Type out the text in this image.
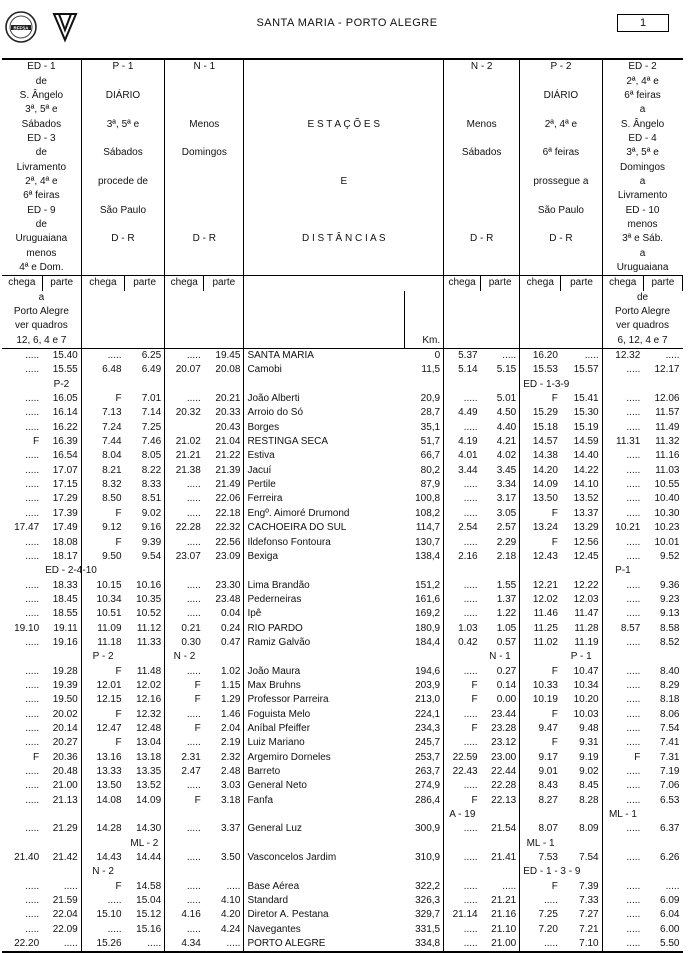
RFFSA	SANTA MARIA - PORTO ALEGRE	1
ED - 1		P - 1		N - 1				N - 2		P - 2		ED - 2	
de												2ª, 4ª e	
S. Ângelo		DIÁRIO								DIÁRIO		6ª feiras	
3ª, 5ª e												a	
Sábados		3ª, 5ª e		Menos		E S T A Ç Õ E S		Menos		2ª, 4ª e		S. Ângelo	
ED - 3												ED - 4	
de		Sábados		Domingos				Sábados		6ª feiras		3ª, 5ª e	
Livramento												Domingos	
2ª, 4ª e		procede de				E				prossegue a		a	
6ª feiras												Livramento	
ED - 9		São Paulo								São Paulo		ED - 10	
de												menos	
Uruguaiana		D - R		D - R		D I S T Â N C I A S		D - R		D - R		3ª e Sáb.	
menos												a	
4ª e Dom.												Uruguaiana	
chega	parte	chega	parte	chega	parte			chega	parte	chega	parte	chega	parte
a												de	
Porto Alegre												Porto Alegre	
ver quadros												ver quadros	
12, 6, 4 e 7							Km.					6, 12, 4 e 7	
.....	15.40	.....	6.25	.....	19.45	SANTA MARIA	0	5.37	.....	16.20	.....	12.32	.....
.....	15.55	6.48	6.49	20.07	20.08	Camobi	11,5	5.14	5.15	15.53	15.57	.....	12.17
	P-2									ED - 1-3-9			
.....	16.05	F	7.01	.....	20.21	João Alberti	20,9	.....	5.01	F	15.41	.....	12.06
.....	16.14	7.13	7.14	20.32	20.33	Arroio do Só	28,7	4.49	4.50	15.29	15.30	.....	11.57
.....	16.22	7.24	7.25		20.43	Borges	35,1	.....	4.40	15.18	15.19	.....	11.49
F	16.39	7.44	7.46	21.02	21.04	RESTINGA SECA	51,7	4.19	4.21	14.57	14.59	11.31	11.32
.....	16.54	8.04	8.05	21.21	21.22	Estiva	66,7	4.01	4.02	14.38	14.40	.....	11.16
.....	17.07	8.21	8.22	21.38	21.39	Jacuí	80,2	3.44	3.45	14.20	14.22	.....	11.03
.....	17.15	8.32	8.33	.....	21.49	Pertile	87,9	.....	3.34	14.09	14.10	.....	10.55
.....	17.29	8.50	8.51	.....	22.06	Ferreira	100,8	.....	3.17	13.50	13.52	.....	10.40
.....	17.39	F	9.02	.....	22.18	Engº. Aimoré Drumond	108,2	.....	3.05	F	13.37	.....	10.30
17.47	17.49	9.12	9.16	22.28	22.32	CACHOEIRA DO SUL	114,7	2.54	2.57	13.24	13.29	10.21	10.23
.....	18.08	F	9.39	.....	22.56	Ildefonso Fontoura	130,7	.....	2.29	F	12.56	.....	10.01
.....	18.17	9.50	9.54	23.07	23.09	Bexiga	138,4	2.16	2.18	12.43	12.45	.....	9.52
	ED - 2-4-10											P-1	
.....	18.33	10.15	10.16	.....	23.30	Lima Brandão	151,2	.....	1.55	12.21	12.22	.....	9.36
.....	18.45	10.34	10.35	.....	23.48	Pederneiras	161,6	.....	1.37	12.02	12.03	.....	9.23
.....	18.55	10.51	10.52	.....	0.04	Ipê	169,2	.....	1.22	11.46	11.47	.....	9.13
19.10	19.11	11.09	11.12	0.21	0.24	RIO PARDO	180,9	1.03	1.05	11.25	11.28	8.57	8.58
.....	19.16	11.18	11.33	0.30	0.47	Ramiz Galvão	184,4	0.42	0.57	11.02	11.19	.....	8.52
		P - 2		N - 2					N - 1		P - 1		
.....	19.28	F	11.48	.....	1.02	João Maura	194,6	.....	0.27	F	10.47	.....	8.40
.....	19.39	12.01	12.02	F	1.15	Max Bruhns	203,9	F	0.14	10.33	10.34	.....	8.29
.....	19.50	12.15	12.16	F	1.29	Professor Parreira	213,0	F	0.00	10.19	10.20	.....	8.18
.....	20.02	F	12.32	.....	1.46	Foguista Melo	224,1	.....	23.44	F	10.03	.....	8.06
.....	20.14	12.47	12.48	F	2.04	Aníbal Pfeiffer	234,3	F	23.28	9.47	9.48	.....	7.54
.....	20.27	F	13.04	.....	2.19	Luiz Mariano	245,7	.....	23.12	F	9.31	.....	7.41
F	20.36	13.16	13.18	2.31	2.32	Argemiro Dorneles	253,7	22.59	23.00	9.17	9.19	F	7.31
.....	20.48	13.33	13.35	2.47	2.48	Barreto	263,7	22.43	22.44	9.01	9.02	.....	7.19
.....	21.00	13.50	13.52	.....	3.03	General Neto	274,9	.....	22.28	8.43	8.45	.....	7.06
.....	21.13	14.08	14.09	F	3.18	Fanfa	286,4	F	22.13	8.27	8.28	.....	6.53
								A - 19				ML - 1	
.....	21.29	14.28	14.30	.....	3.37	General Luz	300,9	.....	21.54	8.07	8.09	.....	6.37
			ML - 2							ML - 1			
21.40	21.42	14.43	14.44	.....	3.50	Vasconcelos Jardim	310,9	.....	21.41	7.53	7.54	.....	6.26
		N - 2								ED - 1 - 3 - 9			
.....	.....	F	14.58	.....	.....	Base Aérea	322,2	.....	.....	F	7.39	.....	.....
.....	21.59	.....	15.04	.....	4.10	Standard	326,3	.....	21.21	.....	7.33	.....	6.09
.....	22.04	15.10	15.12	4.16	4.20	Diretor A. Pestana	329,7	21.14	21.16	7.25	7.27	.....	6.04
.....	22.09	.....	15.16	.....	4.24	Navegantes	331,5	.....	21.10	7.20	7.21	.....	6.00
22.20	.....	15.26	.....	4.34	.....	PORTO ALEGRE	334,8	.....	21.00	.....	7.10	.....	5.50
